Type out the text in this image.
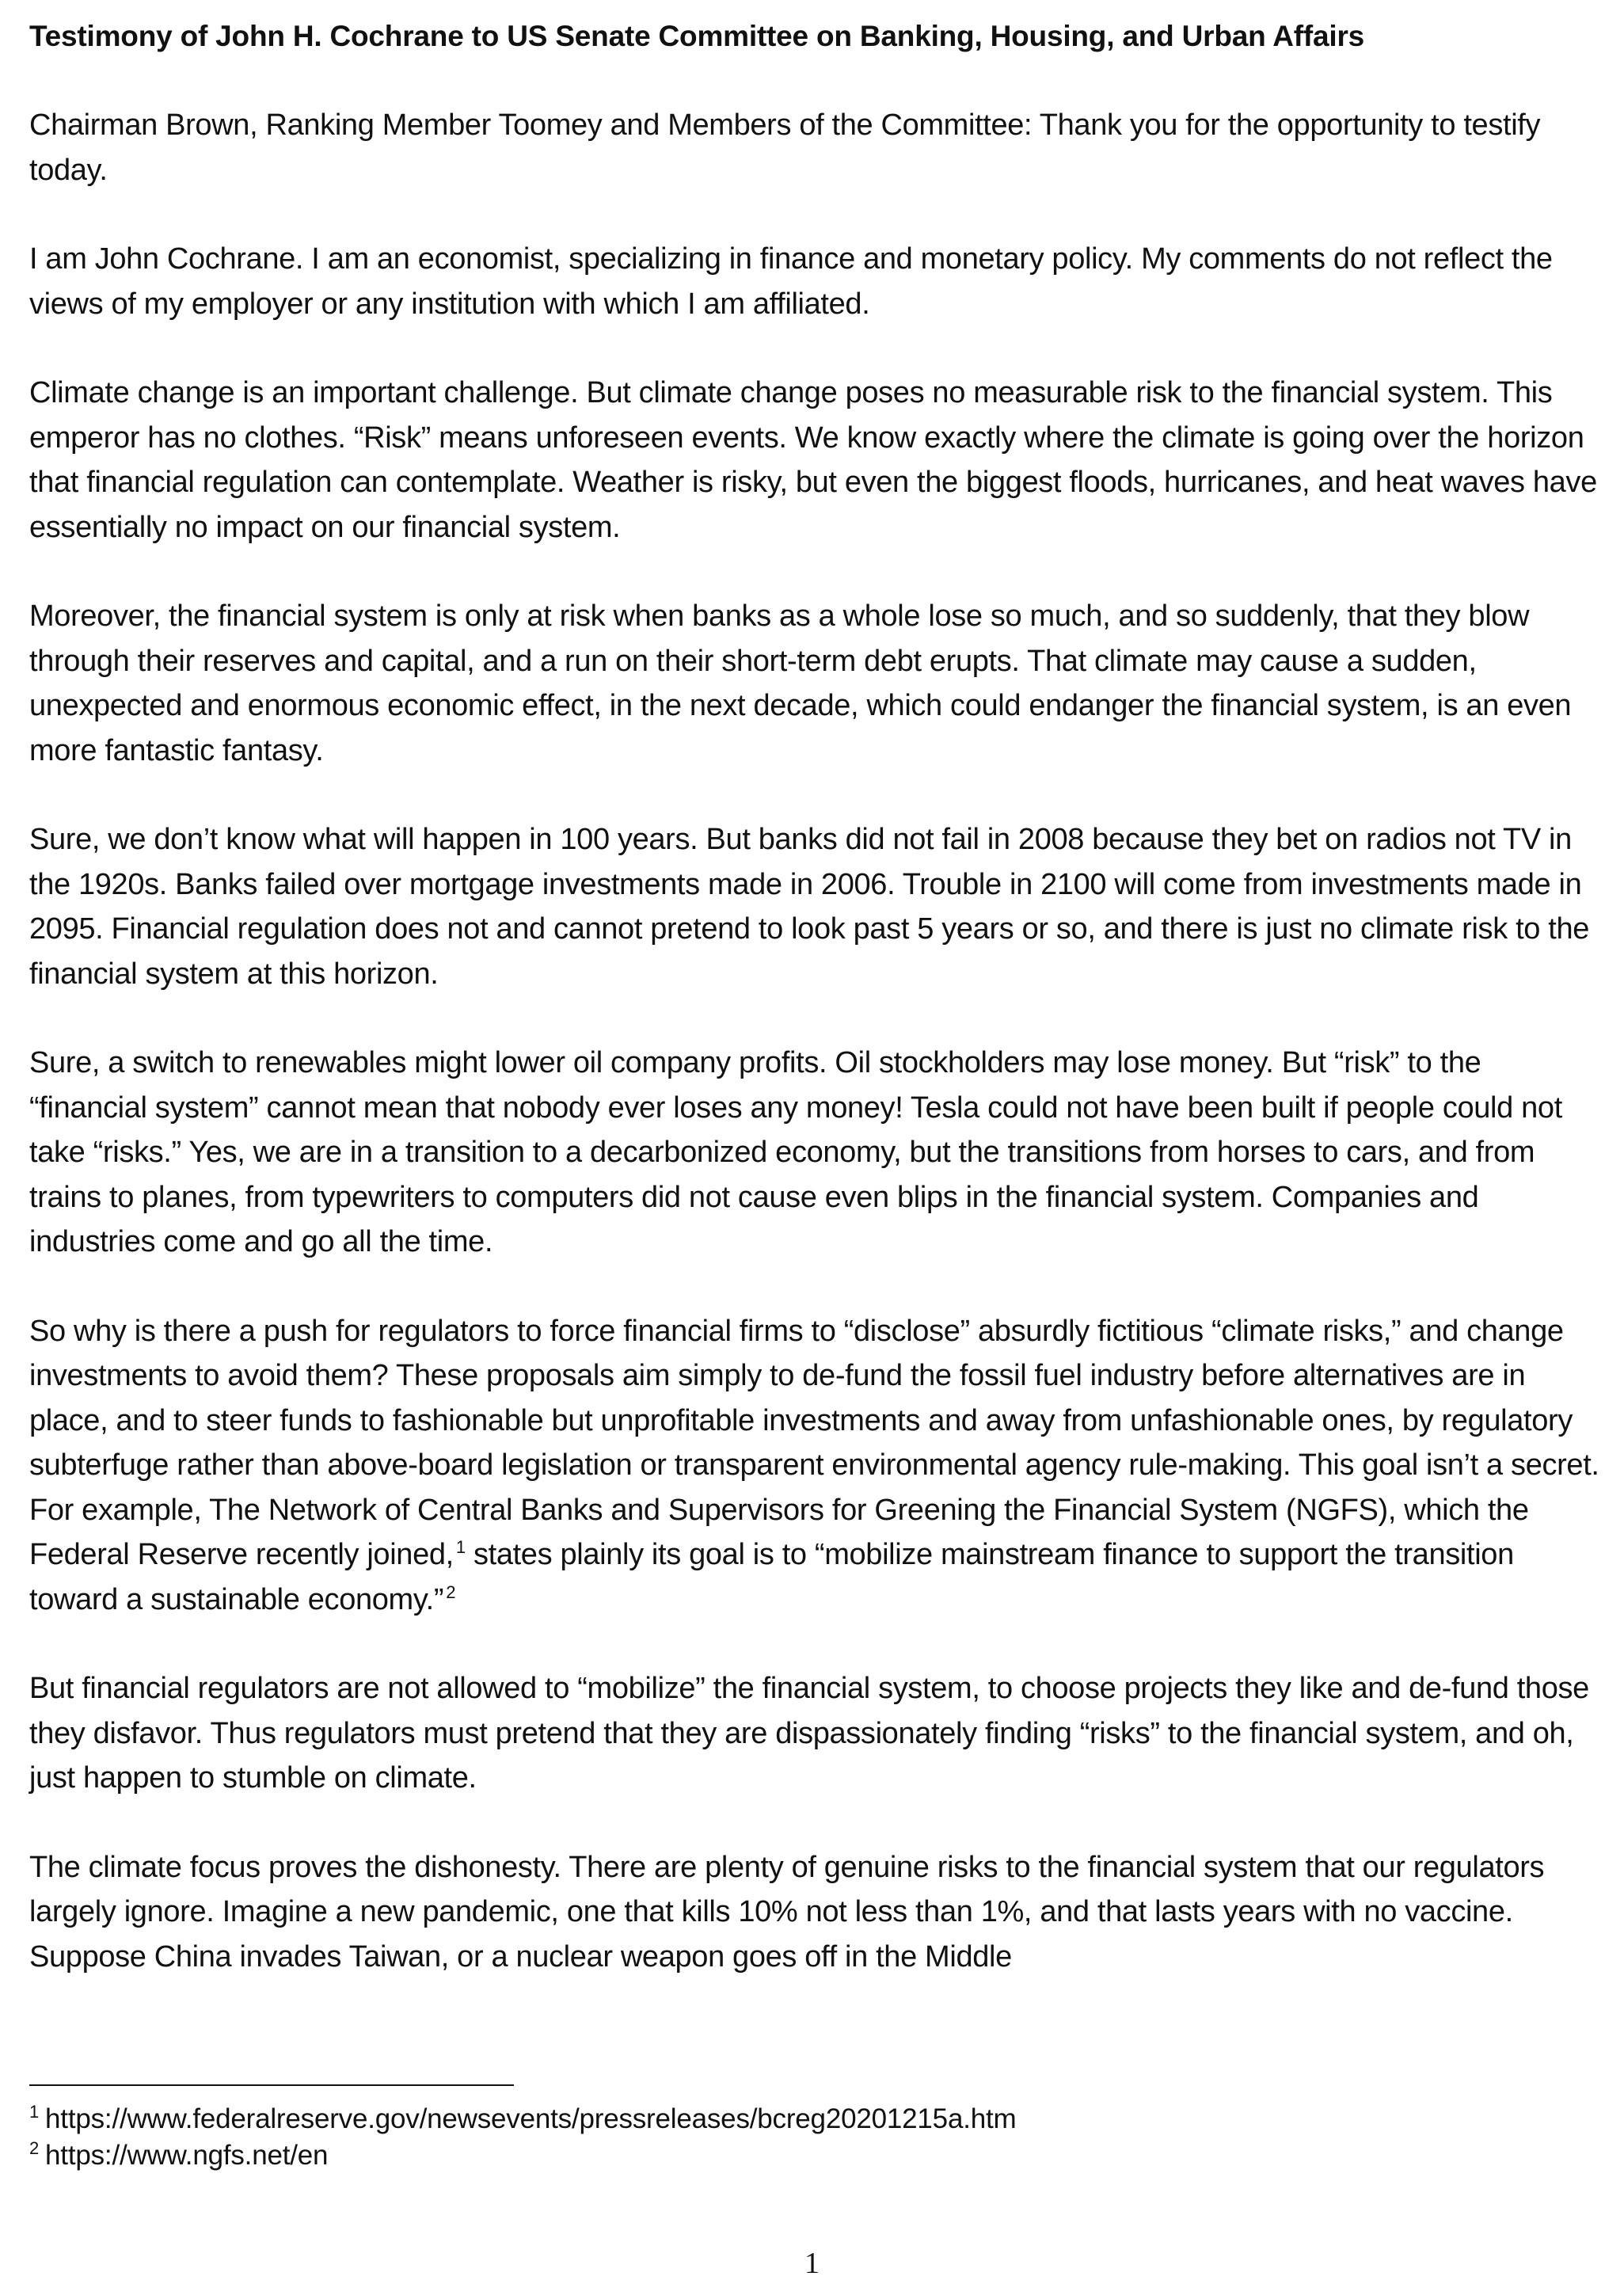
Testimony of John H. Cochrane to US Senate Committee on Banking, Housing, and Urban Affairs

Chairman Brown, Ranking Member Toomey and Members of the Committee: Thank you for the opportunity to testify today.

I am John Cochrane. I am an economist, specializing in finance and monetary policy. My comments do not reflect the views of my employer or any institution with which I am affiliated.

Climate change is an important challenge. But climate change poses no measurable risk to the financial system. This emperor has no clothes. “Risk” means unforeseen events. We know exactly where the climate is going over the horizon that financial regulation can contemplate. Weather is risky, but even the biggest floods, hurricanes, and heat waves have essentially no impact on our financial system.

Moreover, the financial system is only at risk when banks as a whole lose so much, and so suddenly, that they blow through their reserves and capital, and a run on their short-term debt erupts. That climate may cause a sudden, unexpected and enormous economic effect, in the next decade, which could endanger the financial system, is an even more fantastic fantasy.

Sure, we don’t know what will happen in 100 years. But banks did not fail in 2008 because they bet on radios not TV in the 1920s. Banks failed over mortgage investments made in 2006. Trouble in 2100 will come from investments made in 2095. Financial regulation does not and cannot pretend to look past 5 years or so, and there is just no climate risk to the financial system at this horizon.

Sure, a switch to renewables might lower oil company profits. Oil stockholders may lose money. But “risk” to the “financial system” cannot mean that nobody ever loses any money! Tesla could not have been built if people could not take “risks.” Yes, we are in a transition to a decarbonized economy, but the transitions from horses to cars, and from trains to planes, from typewriters to computers did not cause even blips in the financial system. Companies and industries come and go all the time.

So why is there a push for regulators to force financial firms to “disclose” absurdly fictitious “climate risks,” and change investments to avoid them? These proposals aim simply to de-fund the fossil fuel industry before alternatives are in place, and to steer funds to fashionable but unprofitable investments and away from unfashionable ones, by regulatory subterfuge rather than above-board legislation or transparent environmental agency rule-making. This goal isn’t a secret. For example, The Network of Central Banks and Supervisors for Greening the Financial System (NGFS), which the Federal Reserve recently joined, $^1$ states plainly its goal is to “mobilize mainstream finance to support the transition toward a sustainable economy.” $^2$

But financial regulators are not allowed to “mobilize” the financial system, to choose projects they like and de-fund those they disfavor. Thus regulators must pretend that they are dispassionately finding “risks” to the financial system, and oh, just happen to stumble on climate.

The climate focus proves the dishonesty. There are plenty of genuine risks to the financial system that our regulators largely ignore. Imagine a new pandemic, one that kills 10% not less than 1%, and that lasts years with no vaccine. Suppose China invades Taiwan, or a nuclear weapon goes off in the Middle

$^1$ https://www.federalreserve.gov/newsevents/pressreleases/bcreg20201215a.htm
$^2$ https://www.ngfs.net/en
1
